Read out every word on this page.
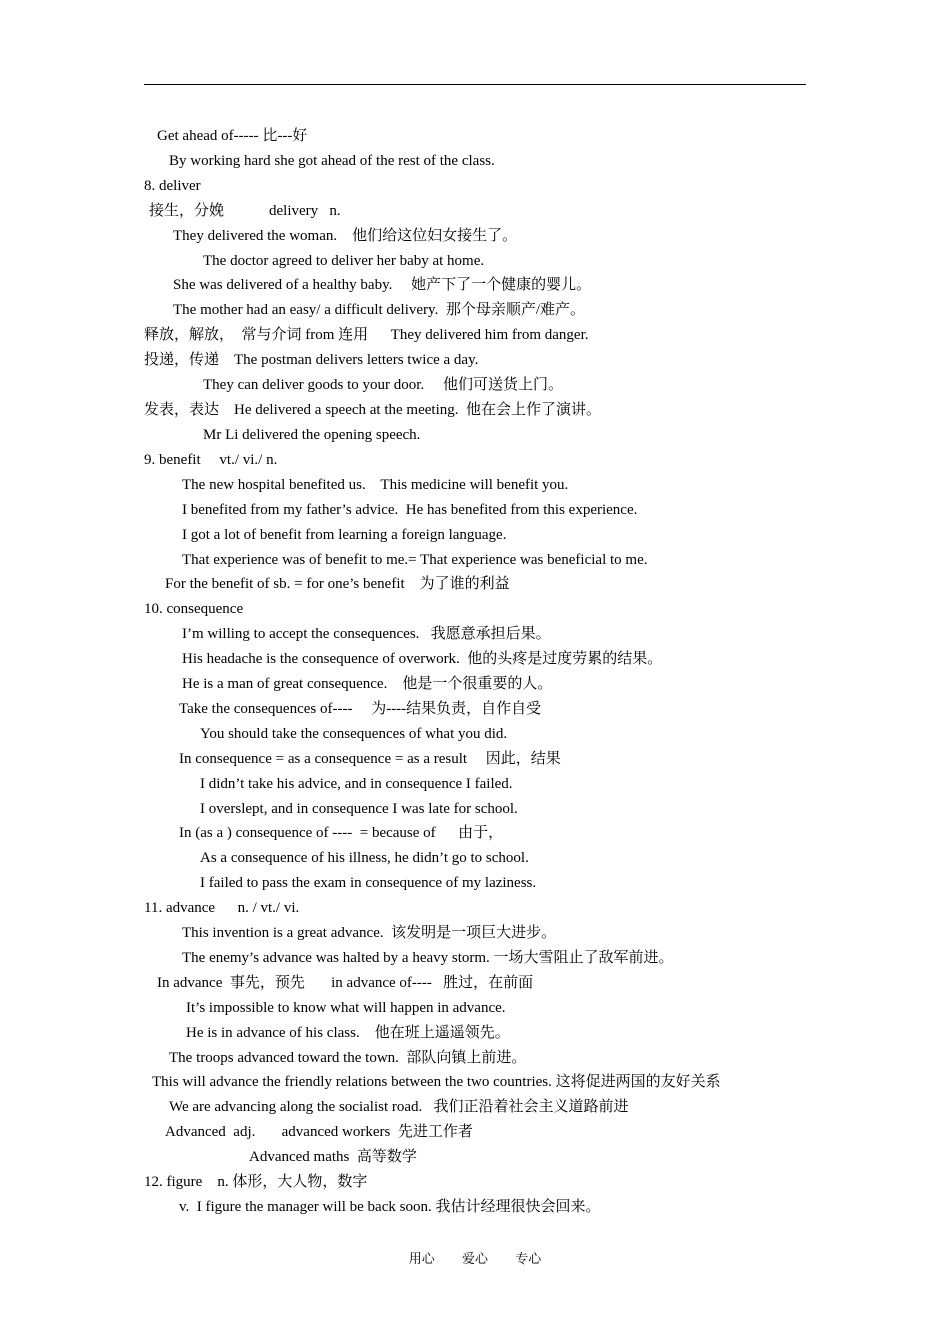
Get ahead of----- 比---好
By working hard she got ahead of the rest of the class.
8. deliver
接生，分娩            delivery   n.
They delivered the woman.    他们给这位妇女接生了。
The doctor agreed to deliver her baby at home.
She was delivered of a healthy baby.     她产下了一个健康的婴儿。
The mother had an easy/ a difficult delivery.  那个母亲顺产/难产。
释放，解放，  常与介词 from 连用      They delivered him from danger.
投递，传递    The postman delivers letters twice a day.
They can deliver goods to your door.     他们可送货上门。
发表，表达    He delivered a speech at the meeting.  他在会上作了演讲。
Mr Li delivered the opening speech.
9. benefit     vt./ vi./ n.
The new hospital benefited us.    This medicine will benefit you.
I benefited from my father’s advice.  He has benefited from this experience.
I got a lot of benefit from learning a foreign language.
That experience was of benefit to me.= That experience was beneficial to me.
For the benefit of sb. = for one’s benefit    为了谁的利益
10. consequence
I’m willing to accept the consequences.   我愿意承担后果。
His headache is the consequence of overwork.  他的头疼是过度劳累的结果。
He is a man of great consequence.    他是一个很重要的人。
Take the consequences of----     为----结果负责，自作自受
You should take the consequences of what you did.
In consequence = as a consequence = as a result     因此，结果
I didn’t take his advice, and in consequence I failed.
I overslept, and in consequence I was late for school.
In (as a ) consequence of ----  = because of      由于，
As a consequence of his illness, he didn’t go to school.
I failed to pass the exam in consequence of my laziness.
11. advance      n. / vt./ vi.
This invention is a great advance.  该发明是一项巨大进步。
The enemy’s advance was halted by a heavy storm. 一场大雪阻止了敌军前进。
In advance  事先，预先       in advance of----   胜过，在前面
It’s impossible to know what will happen in advance.
He is in advance of his class.    他在班上遥遥领先。
The troops advanced toward the town.  部队向镇上前进。
This will advance the friendly relations between the two countries. 这将促进两国的友好关系
We are advancing along the socialist road.   我们正沿着社会主义道路前进
Advanced  adj.       advanced workers  先进工作者
Advanced maths  高等数学
12. figure    n. 体形，大人物，数字
v.  I figure the manager will be back soon. 我估计经理很快会回来。
用心 爱心 专心
